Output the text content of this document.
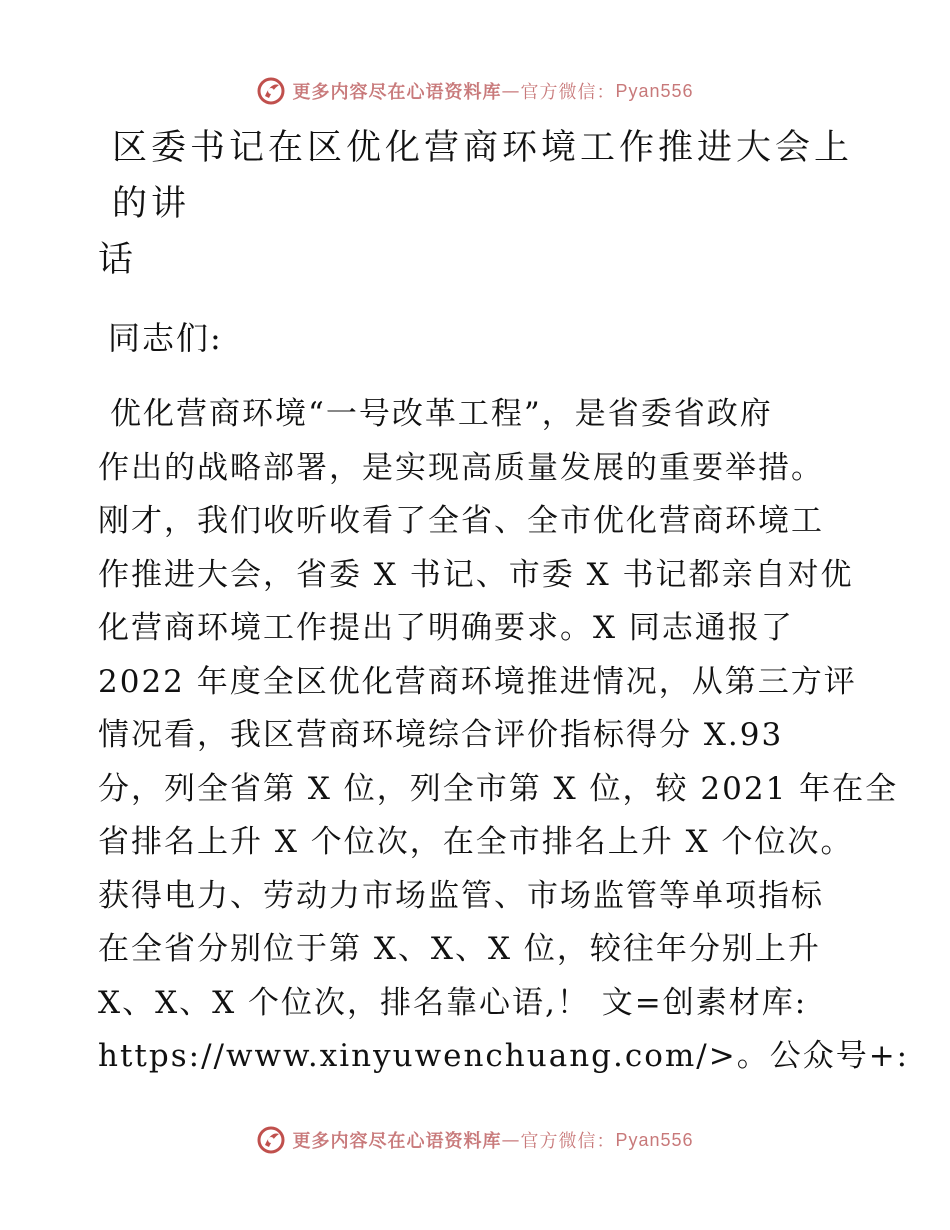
更多内容尽在心语资料库 — 官方微信： Pyan556
区委书记在区优化营商环境工作推进大会上的讲
话
同志们:
优化营商环境“一号改革工程”，是省委省政府
作出的战略部署，是实现高质量发展的重要举措。
刚才，我们收听收看了全省、全市优化营商环境工
作推进大会，省委 X 书记、市委 X 书记都亲自对优
化营商环境工作提出了明确要求。X 同志通报了
2022 年度全区优化营商环境推进情况，从第三方评
情况看，我区营商环境综合评价指标得分 X.93
分，列全省第 X 位，列全市第 X 位，较 2021 年在全
省排名上升 X 个位次，在全市排名上升 X 个位次。
获得电力、劳动力市场监管、市场监管等单项指标
在全省分别位于第 X、X、X 位，较往年分别上升
X、X、X 个位次，排名靠心语,！ 文=创素材库:
https://www.xinyuwenchuang.com/>。公众号+:
更多内容尽在心语资料库 — 官方微信： Pyan556
